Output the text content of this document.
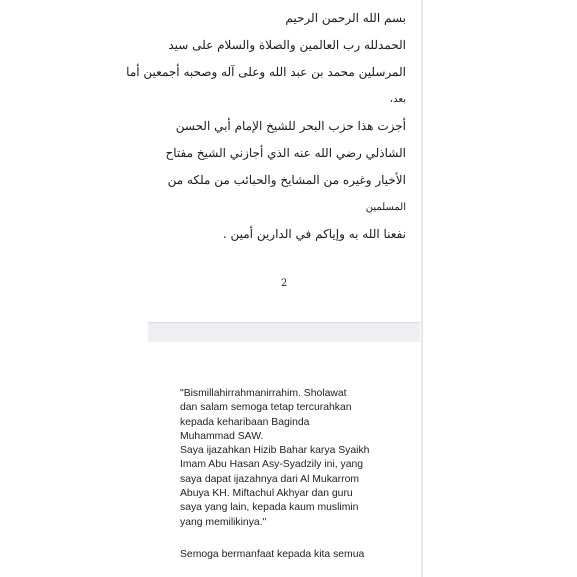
بسم الله الرحمن الرحيم
الحمدلله رب العالمين والصلاة والسلام على سيد
المرسلين محمد بن عبد الله وعلى آله وصحبه أجمعين أما
بعد،
أجزت هذا حزب البحر للشيخ الإمام أبي الحسن
الشاذلي رضي الله عنه الذي أجازني الشيخ مفتاح
الأخيار وغيره من المشايخ والحبائب من ملكه من
المسلمين
نفعنا الله به وإياكم في الدارين أمين .
2
"Bismillahirrahmanirrahim. Sholawat
dan salam semoga tetap tercurahkan
kepada keharibaan Baginda
Muhammad SAW.
Saya ijazahkan Hizib Bahar karya Syaikh
Imam Abu Hasan Asy-Syadzily ini, yang
saya dapat ijazahnya dari Al Mukarrom
Abuya KH. Miftachul Akhyar dan guru
saya yang lain, kepada kaum muslimin
yang memilikinya."
Semoga bermanfaat kepada kita semua
